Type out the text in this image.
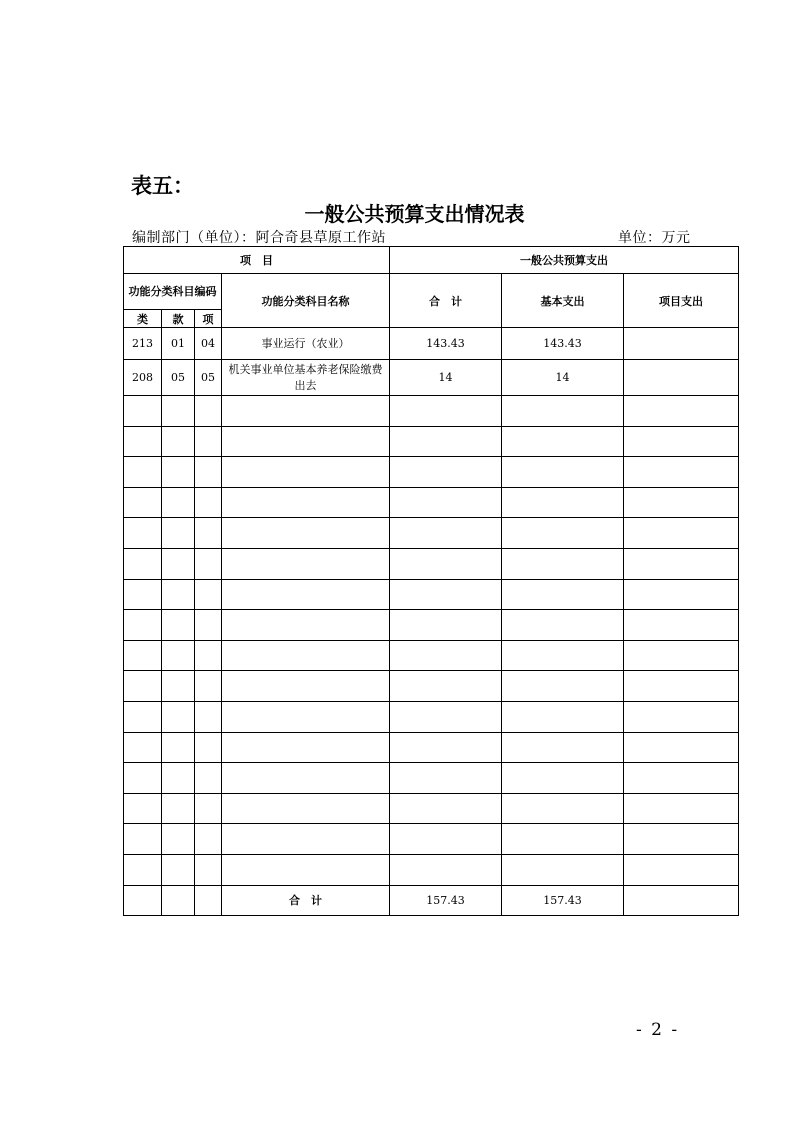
表五：
一般公共预算支出情况表
编制部门（单位）：阿合奇县草原工作站	单位：万元
项　目				一般公共预算支出		
功能分类科目编码			功能分类科目名称	合　计	基本支出	项目支出
类	款	项				
213	01	04	事业运行（农业）	143.43	143.43	
208	05	05	机关事业单位基本养老保险缴费出去	14	14	

			合　计	157.43	157.43	
- 2 -
